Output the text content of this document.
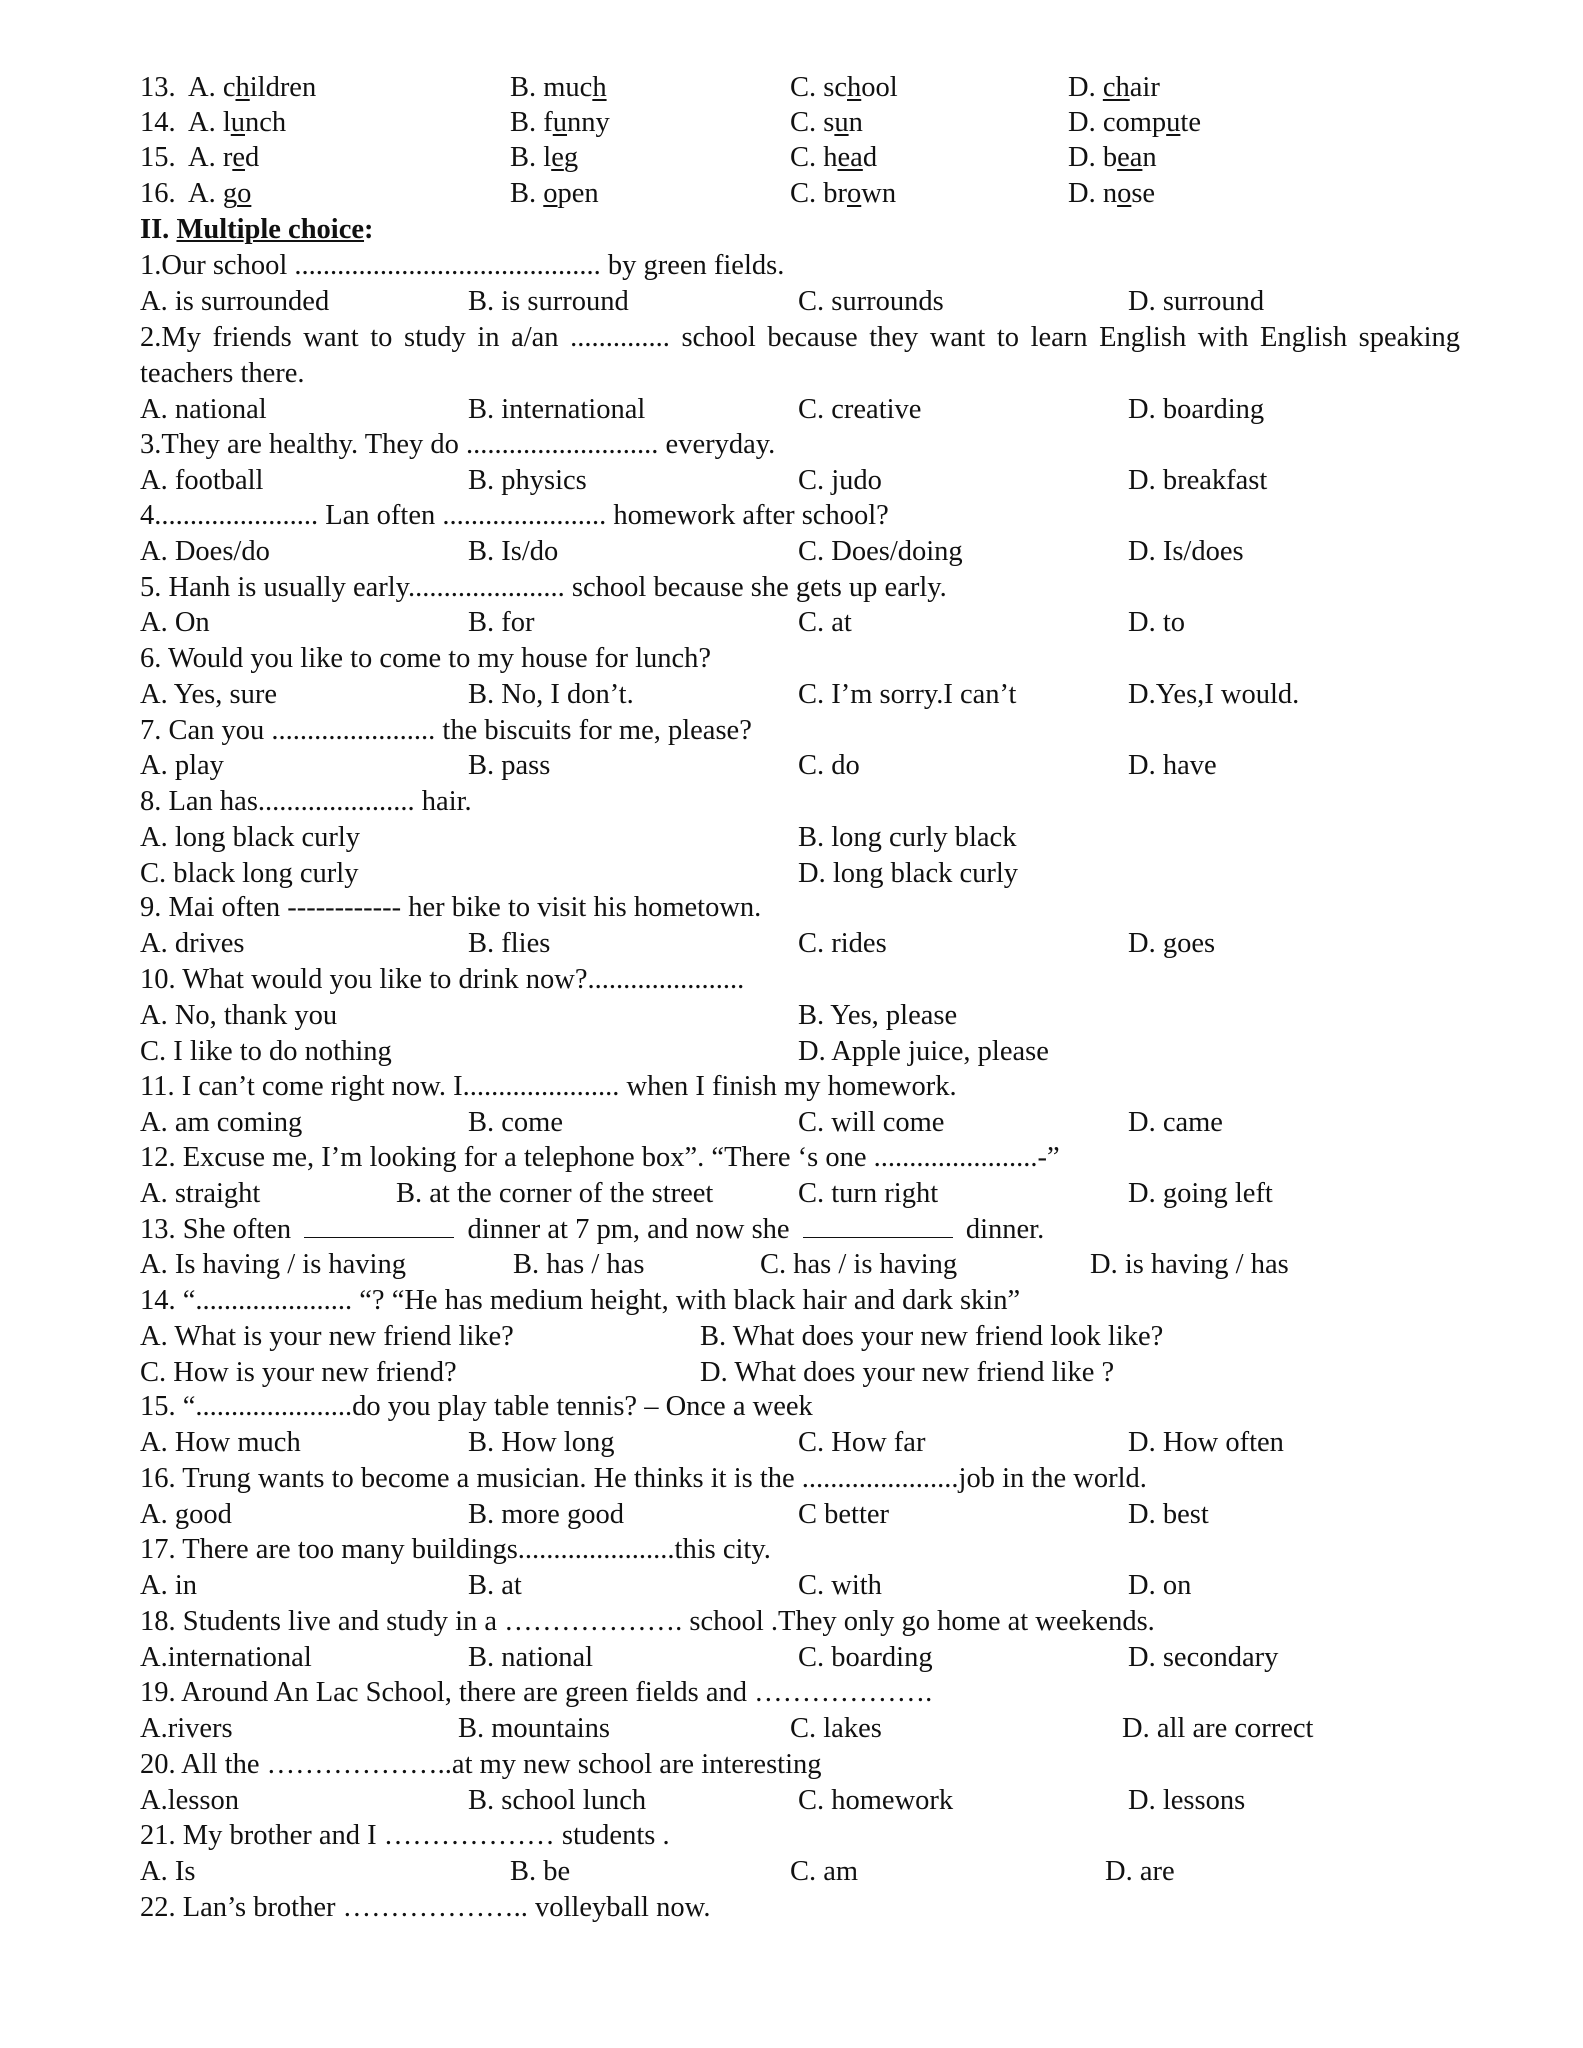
13. A. children	B. much	C. school	D. chair
14. A. lunch	B. funny	C. sun	D. compute
15. A. red	B. leg	C. head	D. bean
16. A. go	B. open	C. brown	D. nose
II. Multiple choice:
1.Our school ........................................... by green fields.
A. is surrounded	B. is surround	C. surrounds	D. surround
2.My friends want to study in a/an .............. school because they want to learn English with English speaking teachers there.
A. national	B. international	C. creative	D. boarding
3.They are healthy. They do ........................... everyday.
A. football	B. physics	C. judo	D. breakfast
4....................... Lan often ....................... homework after school?
A. Does/do	B. Is/do	C. Does/doing	D. Is/does
5. Hanh is usually early...................... school because she gets up early.
A. On	B. for	C. at	D. to
6. Would you like to come to my house for lunch?
A. Yes, sure	B. No, I don’t.	C. I’m sorry.I can’t	D.Yes,I would.
7. Can you ....................... the biscuits for me, please?
A. play	B. pass	C. do	D. have
8. Lan has...................... hair.
A. long black curly	B. long curly black
C. black long curly	D. long black curly
9. Mai often ------------ her bike to visit his hometown.
A. drives	B. flies	C. rides	D. goes
10. What would you like to drink now?......................
A. No, thank you	B. Yes, please
C. I like to do nothing	D. Apple juice, please
11. I can’t come right now. I...................... when I finish my homework.
A. am coming	B. come	C. will come	D. came
12. Excuse me, I’m looking for a telephone box”. “There ‘s one .......................-”
A. straight	B. at the corner of the street	C. turn right	D. going left
13. She often	dinner at 7 pm, and now she	dinner.
A. Is having / is having	B. has / has	C. has / is having	D. is having / has
14. “...................... “? “He has medium height, with black hair and dark skin”
A. What is your new friend like?	B. What does your new friend look like?
C. How is your new friend?	D. What does your new friend like ?
15. “......................do you play table tennis? – Once a week
A. How much	B. How long	C. How far	D. How often
16. Trung wants to become a musician. He thinks it is the ......................job in the world.
A. good	B. more good	C better	D. best
17. There are too many buildings......................this city.
A. in	B. at	C. with	D. on
18. Students live and study in a ………………. school .They only go home at weekends.
A.international	B. national	C. boarding	D. secondary
19. Around An Lac School, there are green fields and ……………….
A.rivers	B. mountains	C. lakes	D. all are correct
20. All the ………………..at my new school are interesting
A.lesson	B. school lunch	C. homework	D. lessons
21. My brother and I ……………… students .
A. Is	B. be	C. am	D. are
22. Lan’s brother ……………….. volleyball now.
